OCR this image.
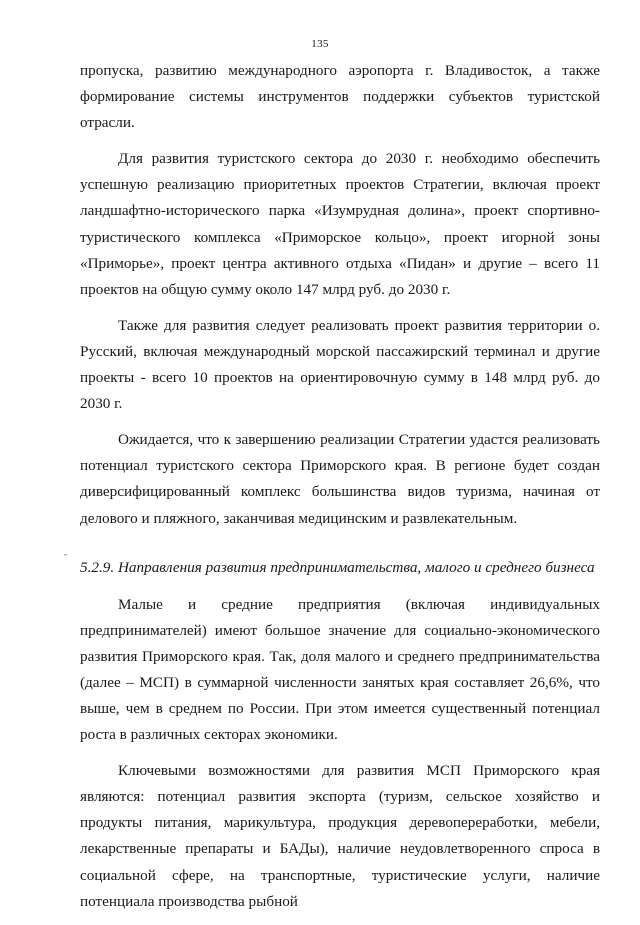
135
-

пропуска, развитию международного аэропорта г. Владивосток, а также формирование системы инструментов поддержки субъектов туристской отрасли.

Для развития туристского сектора до 2030 г. необходимо обеспечить успешную реализацию приоритетных проектов Стратегии, включая проект ландшафтно-исторического парка «Изумрудная долина», проект спортивно-туристического комплекса «Приморское кольцо», проект игорной зоны «Приморье», проект центра активного отдыха «Пидан» и другие – всего 11 проектов на общую сумму около 147 млрд руб. до 2030 г.

Также для развития следует реализовать проект развития территории о. Русский, включая международный морской пассажирский терминал и другие проекты - всего 10 проектов на ориентировочную сумму в 148 млрд руб. до 2030 г.

Ожидается, что к завершению реализации Стратегии удастся реализовать потенциал туристского сектора Приморского края. В регионе будет создан диверсифицированный комплекс большинства видов туризма, начиная от делового и пляжного, заканчивая медицинским и развлекательным.

5.2.9. Направления развития предпринимательства, малого и среднего бизнеса

Малые и средние предприятия (включая индивидуальных предпринимателей) имеют большое значение для социально-экономического развития Приморского края. Так, доля малого и среднего предпринимательства (далее – МСП) в суммарной численности занятых края составляет 26,6%, что выше, чем в среднем по России. При этом имеется существенный потенциал роста в различных секторах экономики.

Ключевыми возможностями для развития МСП Приморского края являются: потенциал развития экспорта (туризм, сельское хозяйство и продукты питания, марикультура, продукция деревопереработки, мебели, лекарственные препараты и БАДы), наличие неудовлетворенного спроса в социальной сфере, на транспортные, туристические услуги, наличие потенциала производства рыбной
